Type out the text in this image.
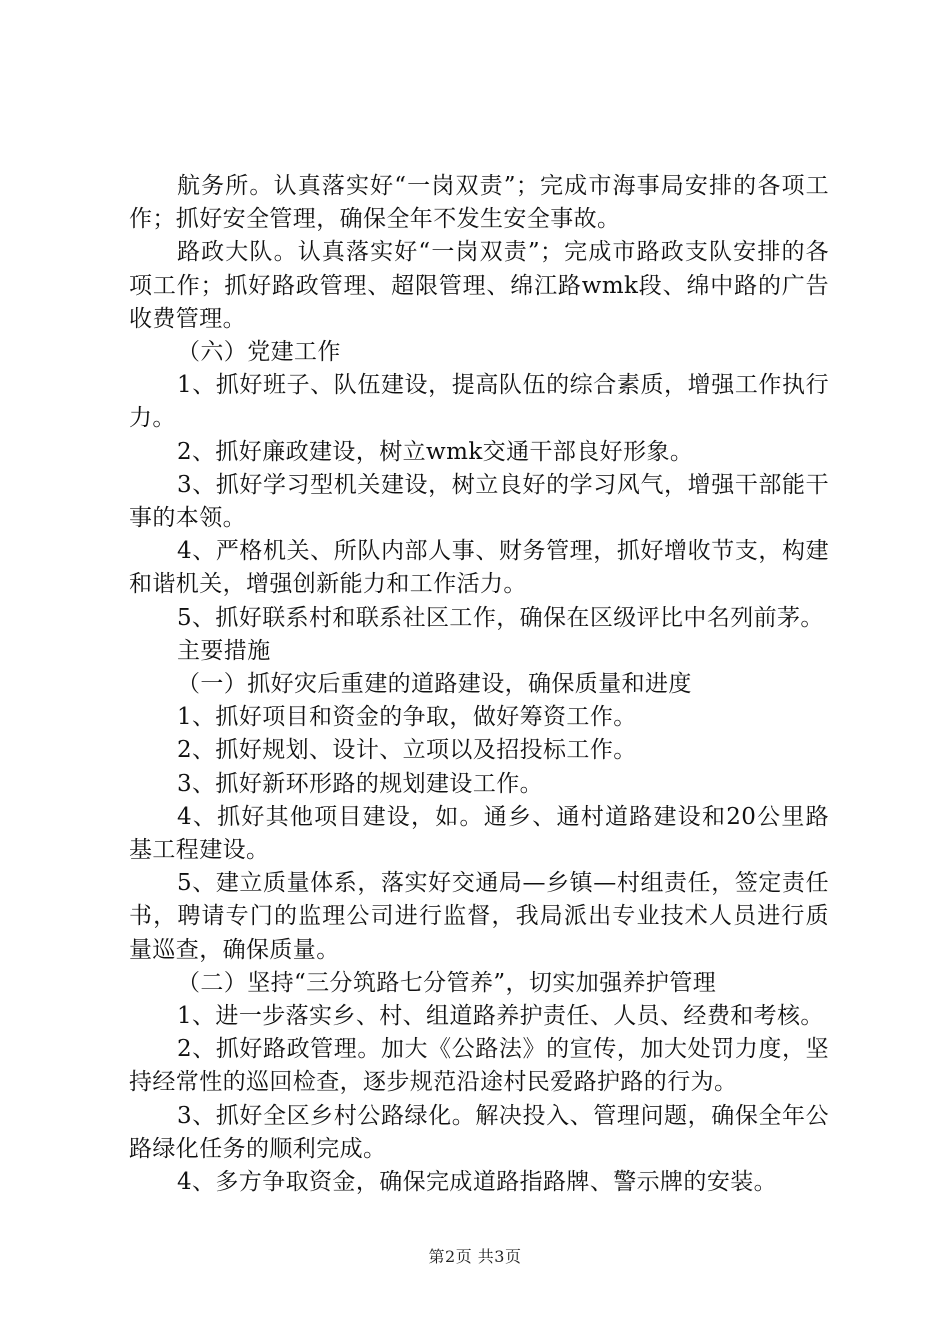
航务所。认真落实好“一岗双责”；完成市海事局安排的各项工作；抓好安全管理，确保全年不发生安全事故。

路政大队。认真落实好“一岗双责”；完成市路政支队安排的各项工作；抓好路政管理、超限管理、绵江路wmk段、绵中路的广告收费管理。

（六）党建工作

1、抓好班子、队伍建设，提高队伍的综合素质，增强工作执行力。

2、抓好廉政建设，树立wmk交通干部良好形象。

3、抓好学习型机关建设，树立良好的学习风气，增强干部能干事的本领。

4、严格机关、所队内部人事、财务管理，抓好增收节支，构建和谐机关，增强创新能力和工作活力。

5、抓好联系村和联系社区工作，确保在区级评比中名列前茅。

主要措施

（一）抓好灾后重建的道路建设，确保质量和进度

1、抓好项目和资金的争取，做好筹资工作。

2、抓好规划、设计、立项以及招投标工作。

3、抓好新环形路的规划建设工作。

4、抓好其他项目建设，如。通乡、通村道路建设和20公里路基工程建设。

5、建立质量体系，落实好交通局—乡镇—村组责任，签定责任书，聘请专门的监理公司进行监督，我局派出专业技术人员进行质量巡查，确保质量。

（二）坚持“三分筑路七分管养”，切实加强养护管理

1、进一步落实乡、村、组道路养护责任、人员、经费和考核。

2、抓好路政管理。加大《公路法》的宣传，加大处罚力度，坚持经常性的巡回检查，逐步规范沿途村民爱路护路的行为。

3、抓好全区乡村公路绿化。解决投入、管理问题，确保全年公路绿化任务的顺利完成。

4、多方争取资金，确保完成道路指路牌、警示牌的安装。

第2页 共3页
